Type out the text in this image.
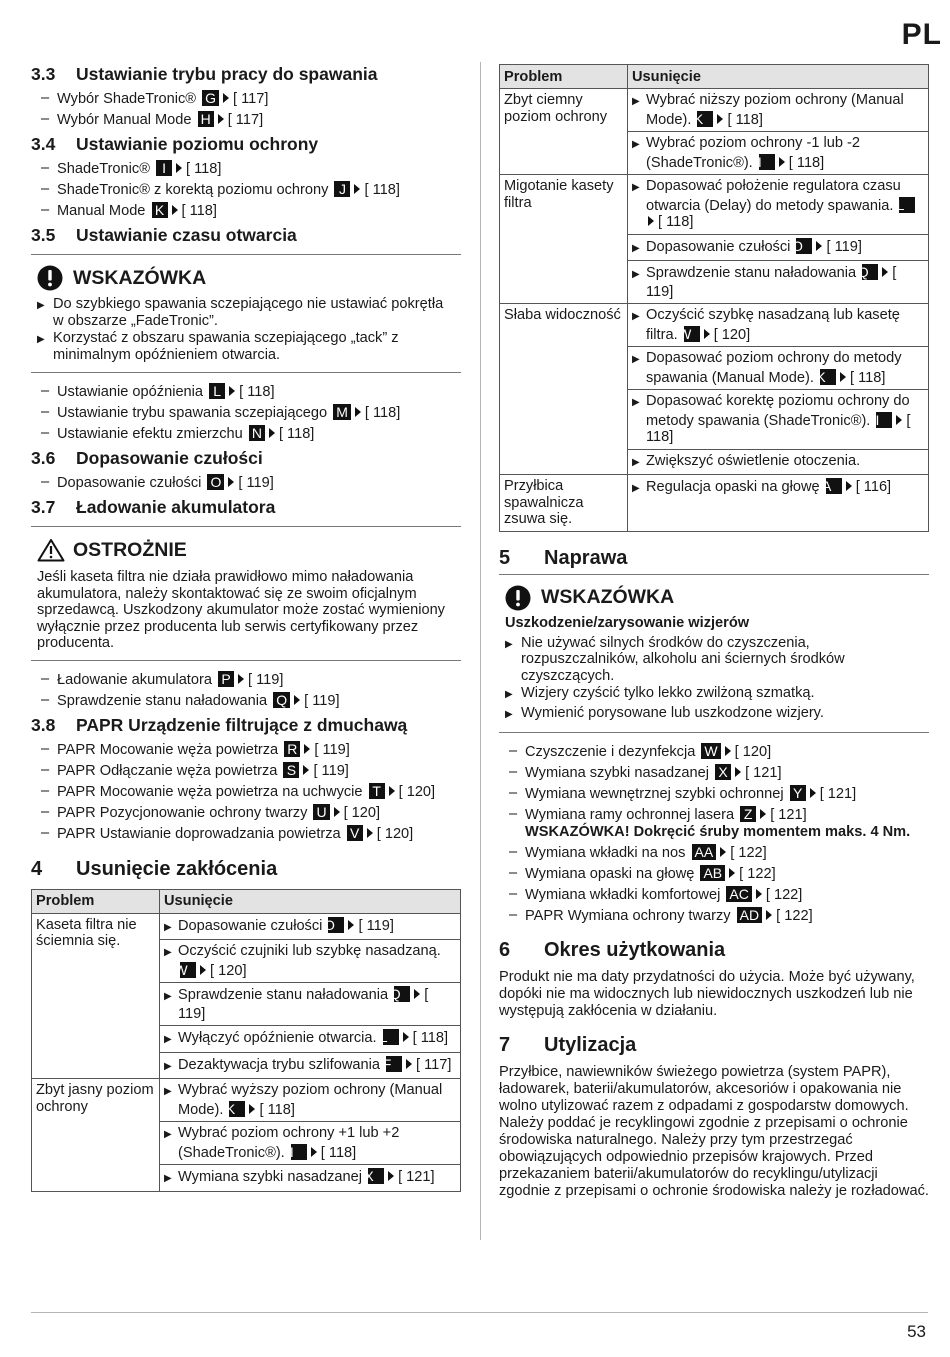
PL
3.3	Ustawianie trybu pracy do spawania
– Wybór ShadeTronic® G [ 117]
– Wybór Manual Mode H [ 117]
3.4	Ustawianie poziomu ochrony
– ShadeTronic® I [ 118]
– ShadeTronic® z korektą poziomu ochrony J [ 118]
– Manual Mode K [ 118]
3.5	Ustawianie czasu otwarcia
WSKAZÓWKA
▶ Do szybkiego spawania sczepiającego nie ustawiać pokrętła w obszarze „FadeTronic”.
▶ Korzystać z obszaru spawania sczepiającego „tack” z minimalnym opóźnieniem otwarcia.
– Ustawianie opóźnienia L [ 118]
– Ustawianie trybu spawania sczepiającego M [ 118]
– Ustawianie efektu zmierzchu N [ 118]
3.6	Dopasowanie czułości
– Dopasowanie czułości O [ 119]
3.7	Ładowanie akumulatora
OSTROŻNIE

Jeśli kaseta filtra nie działa prawidłowo mimo naładowania akumulatora, należy skontaktować się ze swoim oficjalnym sprzedawcą. Uszkodzony akumulator może zostać wymieniony wyłącznie przez producenta lub serwis certyfikowany przez producenta.

– Ładowanie akumulatora P [ 119]
– Sprawdzenie stanu naładowania Q [ 119]
3.8	PAPR Urządzenie filtrujące z dmuchawą
– PAPR Mocowanie węża powietrza R [ 119]
– PAPR Odłączanie węża powietrza S [ 119]
– PAPR Mocowanie węża powietrza na uchwycie T [ 120]
– PAPR Pozycjonowanie ochrony twarzy U [ 120]
– PAPR Ustawianie doprowadzania powietrza V [ 120]
4	Usunięcie zakłócenia
Problem	Usunięcie
Kaseta filtra nie ściemnia się.	▶ Dopasowanie czułości O [ 119]
	▶ Oczyścić czujniki lub szybkę nasadzaną. W [ 120]
	▶ Sprawdzenie stanu naładowania Q [ 119]
	▶ Wyłączyć opóźnienie otwarcia. L [ 118]
	▶ Dezaktywacja trybu szlifowania F [ 117]
Zbyt jasny poziom ochrony	▶ Wybrać wyższy poziom ochrony (Manual Mode). K [ 118]
	▶ Wybrać poziom ochrony +1 lub +2 (ShadeTronic®). I [ 118]
	▶ Wymiana szybki nasadzanej X [ 121]
Problem	Usunięcie
Zbyt ciemny poziom ochrony	▶ Wybrać niższy poziom ochrony (Manual Mode). K [ 118]
	▶ Wybrać poziom ochrony -1 lub -2 (ShadeTronic®). I [ 118]
Migotanie kasety filtra	▶ Dopasować położenie regulatora czasu otwarcia (Delay) do metody spawania. L[ 118]
	▶ Dopasowanie czułości O [ 119]
	▶ Sprawdzenie stanu naładowania Q [ 119]
Słaba widoczność	▶ Oczyścić szybkę nasadzaną lub kasetę filtra. W [ 120]
	▶ Dopasować poziom ochrony do metody spawania (Manual Mode). K [ 118]
	▶ Dopasować korektę poziomu ochrony do metody spawania (ShadeTronic®). I [ 118]
	▶ Zwiększyć oświetlenie otoczenia.
Przyłbica spawalnicza zsuwa się.	▶ Regulacja opaski na głowę A [ 116]
5	Naprawa
WSKAZÓWKA
Uszkodzenie/zarysowanie wizjerów
▶ Nie używać silnych środków do czyszczenia, rozpuszczalników, alkoholu ani ściernych środków czyszczących.
▶ Wizjery czyścić tylko lekko zwilżoną szmatką.
▶ Wymienić porysowane lub uszkodzone wizjery.
– Czyszczenie i dezynfekcja W [ 120]
– Wymiana szybki nasadzanej X [ 121]
– Wymiana wewnętrznej szybki ochronnej Y [ 121]
– Wymiana ramy ochronnej lasera Z [ 121]
WSKAZÓWKA! Dokręcić śruby momentem maks. 4 Nm.
– Wymiana wkładki na nos AA [ 122]
– Wymiana opaski na głowę AB [ 122]
– Wymiana wkładki komfortowej AC [ 122]
– PAPR Wymiana ochrony twarzy AD [ 122]
6	Okres użytkowania
Produkt nie ma daty przydatności do użycia. Może być używany, dopóki nie ma widocznych lub niewidocznych uszkodzeń lub nie występują zakłócenia w działaniu.
7	Utylizacja
Przyłbice, nawiewników świeżego powietrza (system PAPR), ładowarek, baterii/akumulatorów, akcesoriów i opakowania nie wolno utylizować razem z odpadami z gospodarstw domowych. Należy poddać je recyklingowi zgodnie z przepisami o ochronie środowiska naturalnego. Należy przy tym przestrzegać obowiązujących odpowiednio przepisów krajowych. Przed przekazaniem baterii/akumulatorów do recyklingu/utylizacji zgodnie z przepisami o ochronie środowiska należy je rozładować.
53
